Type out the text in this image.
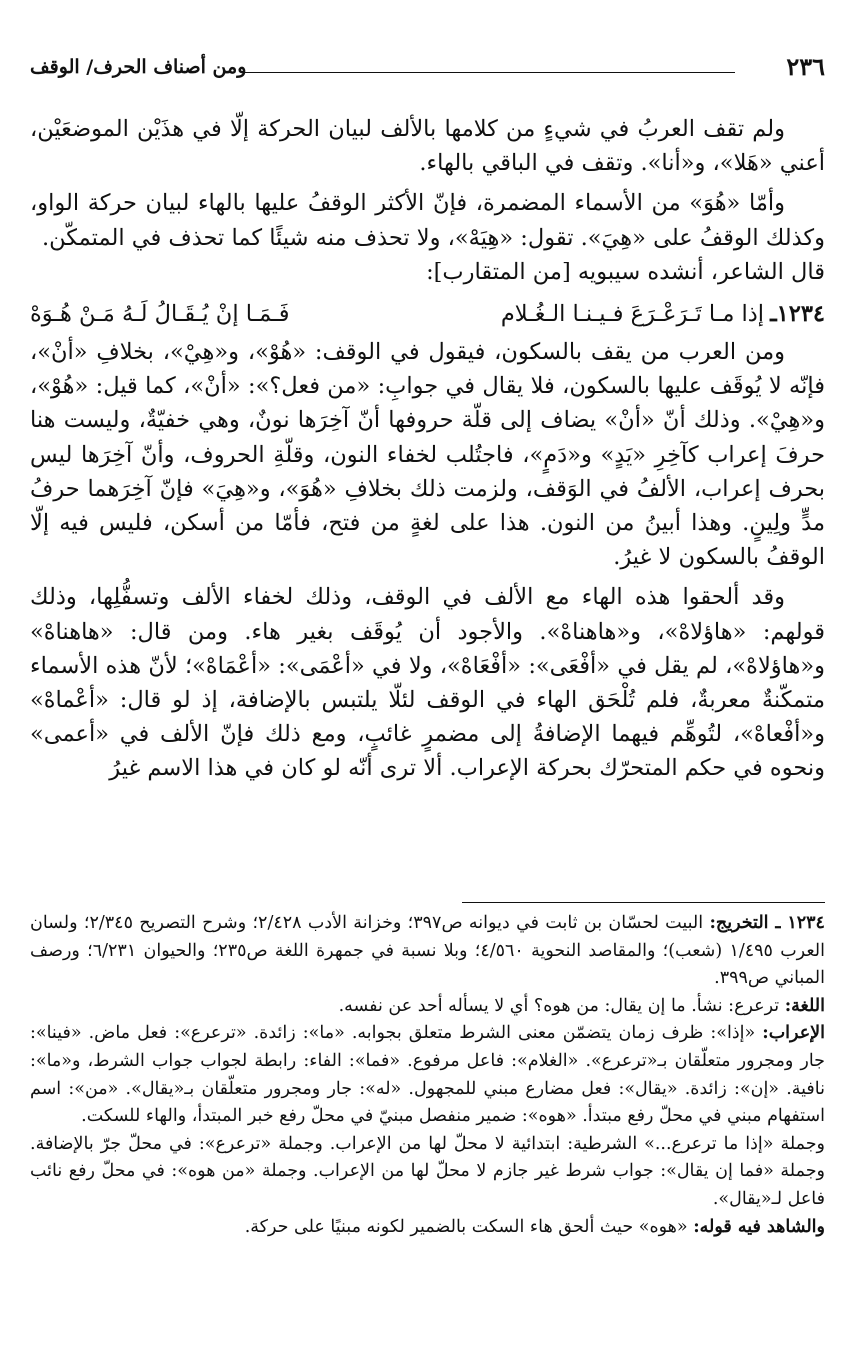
٢٣٦
ومن أصناف الحرف/ الوقف

ولم تقف العربُ في شيءٍ من كلامها بالألف لبيان الحركة إلّا في هذَيْن الموضعَيْن، أعني «هَلا»، و«أنا». وتقف في الباقي بالهاء.

وأمّا «هُوَ» من الأسماء المضمرة، فإنّ الأكثر الوقفُ عليها بالهاء لبيان حركة الواو، وكذلك الوقفُ على «هِيَ». تقول: «هِيَهْ»، ولا تحذف منه شيئًا كما تحذف في المتمكّن.

قال الشاعر، أنشده سيبويه [من المتقارب]:

١٢٣٤ـ
إذا مـا تَـرَعْـرَعَ فـيـنـا الـغُـلام
فَـمَـا إنْ يُـقَـالُ لَـهُ مَـنْ هُـوَهْ

ومن العرب من يقف بالسكون، فيقول في الوقف: «هُوْ»، و«هِيْ»، بخلافِ «أنْ»، فإنّه لا يُوقَف عليها بالسكون، فلا يقال في جوابِ: «من فعل؟»: «أنْ»، كما قيل: «هُوْ»، و«هِيْ». وذلك أنّ «أنْ» يضاف إلى قلّة حروفها أنّ آخِرَها نونٌ، وهي خفيّةٌ، وليست هنا حرفَ إعراب كآخِرِ «يَدٍ» و«دَمٍ»، فاجتُلب لخفاء النون، وقلّةِ الحروف، وأنّ آخِرَها ليس بحرف إعراب، الألفُ في الوَقف، ولزمت ذلك بخلافِ «هُوَ»، و«هِيَ» فإنّ آخِرَهما حرفُ مدٍّ ولِينٍ. وهذا أبينُ من النون. هذا على لغةٍ من فتح، فأمّا من أسكن، فليس فيه إلّا الوقفُ بالسكون لا غيرُ.

وقد ألحقوا هذه الهاء مع الألف في الوقف، وذلك لخفاء الألف وتسفُّلِها، وذلك قولهم: «هاؤلاهْ»، و«هاهناهْ». والأجود أن يُوقَف بغير هاء. ومن قال: «هاهناهْ» و«هاؤلاهْ»، لم يقل في «أفْعَى»: «أفْعَاهْ»، ولا في «أعْمَى»: «أعْمَاهْ»؛ لأنّ هذه الأسماء متمكّنةٌ معربةٌ، فلم تُلْحَق الهاء في الوقف لئلّا يلتبس بالإضافة، إذ لو قال: «أعْماهْ» و«أفْعاهْ»، لتُوهِّم فيهما الإضافةُ إلى مضمرٍ غائبٍ، ومع ذلك فإنّ الألف في «أعمى» ونحوه في حكم المتحرّك بحركة الإعراب. ألا ترى أنّه لو كان في هذا الاسم غيرُ

١٢٣٤ ـ التخريج: البيت لحسّان بن ثابت في ديوانه ص٣٩٧؛ وخزانة الأدب ٢/٤٢٨؛ وشرح التصريح ٢/٣٤٥؛ ولسان العرب ١/٤٩٥ (شعب)؛ والمقاصد النحوية ٤/٥٦٠؛ وبلا نسبة في جمهرة اللغة ص٢٣٥؛ والحيوان ٦/٢٣١؛ ورصف المباني ص٣٩٩.

اللغة: ترعرع: نشأ. ما إن يقال: من هوه؟ أي لا يسأله أحد عن نفسه.

الإعراب: «إذا»: ظرف زمان يتضمّن معنى الشرط متعلق بجوابه. «ما»: زائدة. «ترعرع»: فعل ماض. «فينا»: جار ومجرور متعلّقان بـ«ترعرع». «الغلام»: فاعل مرفوع. «فما»: الفاء: رابطة لجواب جواب الشرط، و«ما»: نافية. «إن»: زائدة. «يقال»: فعل مضارع مبني للمجهول. «له»: جار ومجرور متعلّقان بـ«يقال». «من»: اسم استفهام مبني في محلّ رفع مبتدأ. «هوه»: ضمير منفصل مبنيّ في محلّ رفع خبر المبتدأ، والهاء للسكت.

وجملة «إذا ما ترعرع...» الشرطية: ابتدائية لا محلّ لها من الإعراب. وجملة «ترعرع»: في محلّ جرّ بالإضافة. وجملة «فما إن يقال»: جواب شرط غير جازم لا محلّ لها من الإعراب. وجملة «من هوه»: في محلّ رفع نائب فاعل لـ«يقال».

والشاهد فيه قوله: «هوه» حيث ألحق هاء السكت بالضمير لكونه مبنيًا على حركة.
